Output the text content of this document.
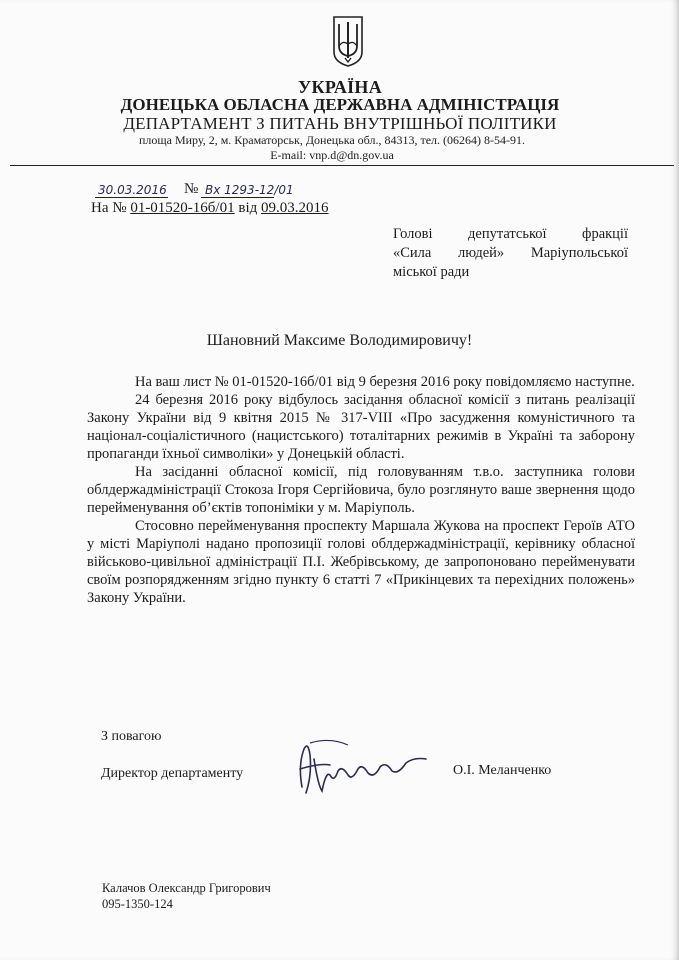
УКРАЇНА
ДОНЕЦЬКА ОБЛАСНА ДЕРЖАВНА АДМІНІСТРАЦІЯ
ДЕПАРТАМЕНТ З ПИТАНЬ ВНУТРІШНЬОЇ ПОЛІТИКИ
площа Миру, 2, м. Краматорськ, Донецька обл., 84313, тел. (06264) 8-54-91.
E-mail: vnp.d@dn.gov.ua
30.03.2016 № Вх 1293-12/01
На № 01-01520-16б/01 від 09.03.2016
Голові депутатської фракції
«Сила людей» Маріупольської
міської ради
Шановний Максиме Володимировичу!

На ваш лист № 01-01520-16б/01 від 9 березня 2016 року повідомляємо наступне.

24 березня 2016 року відбулось засідання обласної комісії з питань реалізації Закону України від 9 квітня 2015 № 317-VIII «Про засудження комуністичного та націонал-соціалістичного (нацистського) тоталітарних режимів в Україні та заборону пропаганди їхньої символіки» у Донецькій області.

На засіданні обласної комісії, під головуванням т.в.о. заступника голови облдержадміністрації Стокоза Ігоря Сергійовича, було розглянуто ваше звернення щодо перейменування об’єктів топоніміки у м. Маріуполь.

Стосовно перейменування проспекту Маршала Жукова на проспект Героїв АТО у місті Маріуполі надано пропозиції голові облдержадміністрації, керівнику обласної військово-цивільної адміністрації П.І. Жебрівському, де запропоновано перейменувати своїм розпорядженням згідно пункту 6 статті 7 «Прикінцевих та перехідних положень» Закону України.

З повагою
Директор департаменту	О.І. Меланченко
Калачов Олександр Григорович
095-1350-124
